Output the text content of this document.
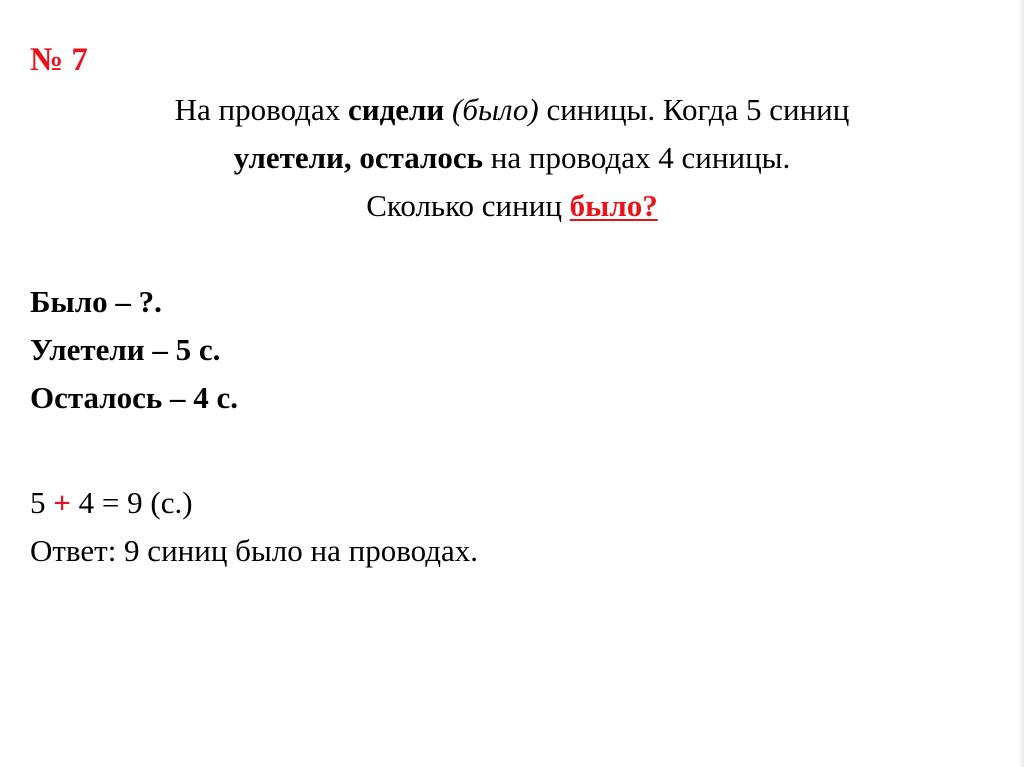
№ 7
На проводах сидели (было) синицы. Когда 5 синиц
улетели, осталось на проводах 4 синицы.
Сколько синиц было?
Было – ?.
Улетели – 5 с.
Осталось – 4 с.
5 + 4 = 9 (с.)
Ответ: 9 синиц было на проводах.
